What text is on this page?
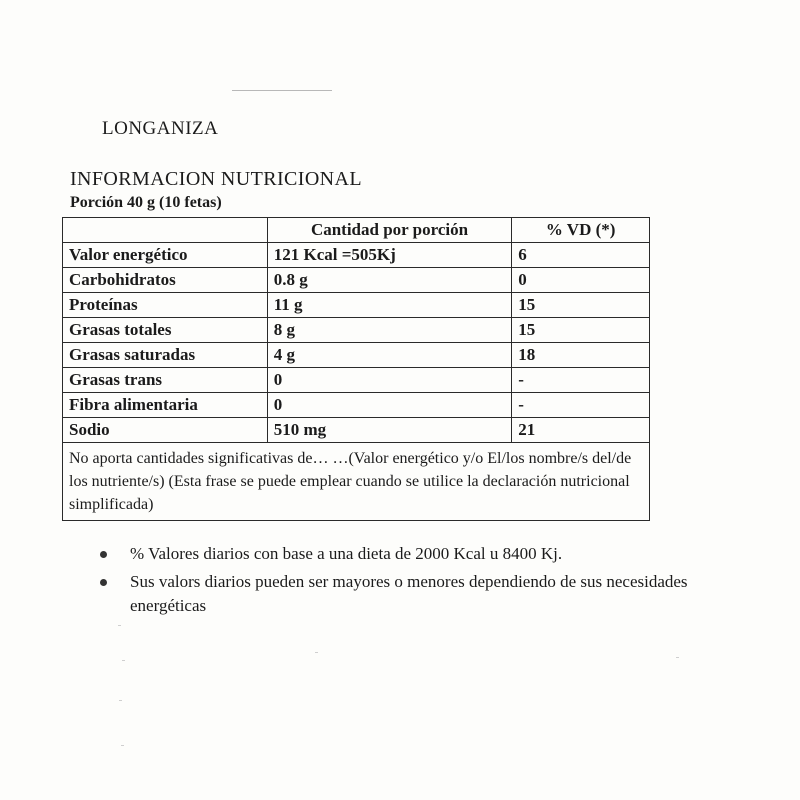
LONGANIZA
INFORMACION NUTRICIONAL
Porción 40 g (10 fetas)
	Cantidad por porción	% VD (*)
Valor energético	121 Kcal =505Kj	6
Carbohidratos	0.8 g	0
Proteínas	11 g	15
Grasas totales	8 g	15
Grasas saturadas	4 g	18
Grasas trans	0	-
Fibra alimentaria	0	-
Sodio	510 mg	21
No aporta cantidades significativas de… …(Valor energético y/o El/los nombre/s del/de los nutriente/s) (Esta frase se puede emplear cuando se utilice la declaración nutricional simplificada)		
% Valores diarios con base a una dieta de 2000 Kcal u 8400 Kj.
Sus valors diarios pueden ser mayores o menores dependiendo de sus necesidades energéticas
